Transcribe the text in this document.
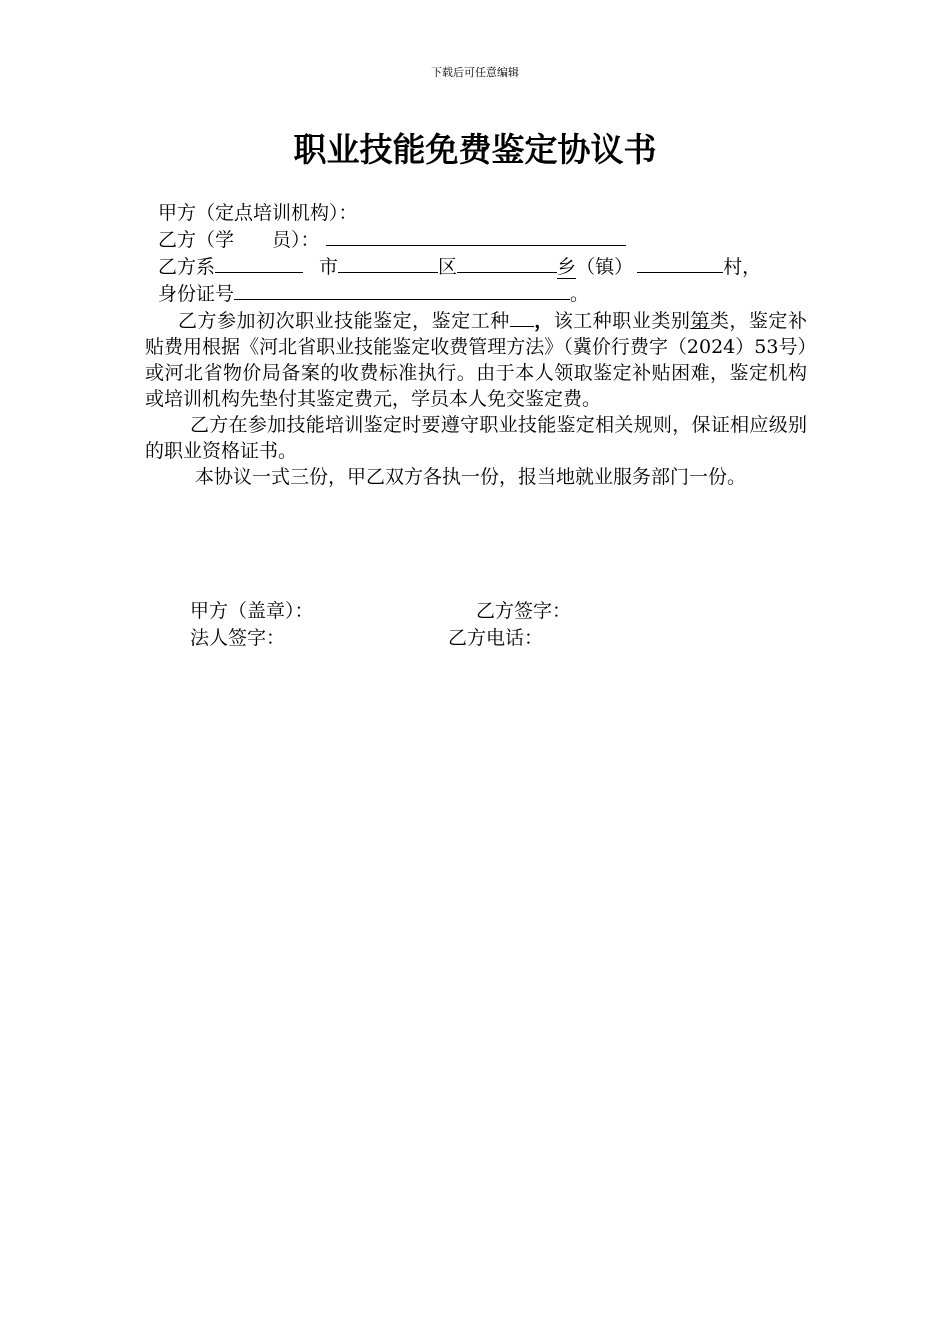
下载后可任意编辑
职业技能免费鉴定协议书
甲方（定点培训机构）：
乙方（学　　员）：
乙方系	市	区	乡（镇）	村，
身份证号	。
乙方参加初次职业技能鉴定，鉴定工种 ，该工种职业类别第类，鉴定补贴费用根据《河北省职业技能鉴定收费管理方法》（冀价行费字（2024）53号）或河北省物价局备案的收费标准执行。由于本人领取鉴定补贴困难，鉴定机构或培训机构先垫付其鉴定费元，学员本人免交鉴定费。
乙方在参加技能培训鉴定时要遵守职业技能鉴定相关规则，保证相应级别的职业资格证书。
本协议一式三份，甲乙双方各执一份，报当地就业服务部门一份。
甲方（盖章）：	乙方签字：
法人签字：	乙方电话：
